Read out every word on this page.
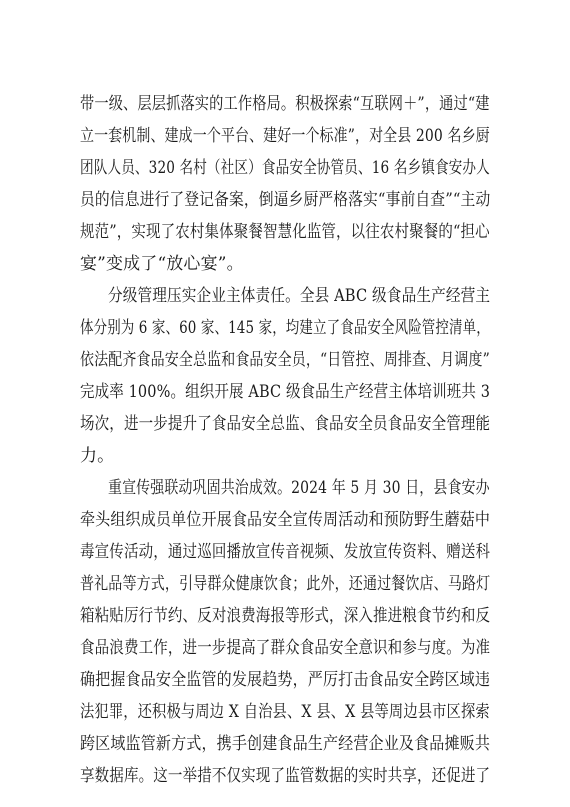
带一级、层层抓落实的工作格局。积极探索“互联网＋”，通过“建
立一套机制、建成一个平台、建好一个标准”，对全县 200 名乡厨
团队人员、320 名村（社区）食品安全协管员、16 名乡镇食安办人
员的信息进行了登记备案，倒逼乡厨严格落实“事前自查”“主动
规范”，实现了农村集体聚餐智慧化监管，以往农村聚餐的“担心
宴”变成了“放心宴”。
分级管理压实企业主体责任。全县 ABC 级食品生产经营主
体分别为 6 家、60 家、145 家，均建立了食品安全风险管控清单，
依法配齐食品安全总监和食品安全员，“日管控、周排查、月调度”
完成率 100%。组织开展 ABC 级食品生产经营主体培训班共 3
场次，进一步提升了食品安全总监、食品安全员食品安全管理能
力。
重宣传强联动巩固共治成效。2024 年 5 月 30 日，县食安办
牵头组织成员单位开展食品安全宣传周活动和预防野生蘑菇中
毒宣传活动，通过巡回播放宣传音视频、发放宣传资料、赠送科
普礼品等方式，引导群众健康饮食；此外，还通过餐饮店、马路灯
箱粘贴厉行节约、反对浪费海报等形式，深入推进粮食节约和反
食品浪费工作，进一步提高了群众食品安全意识和参与度。为准
确把握食品安全监管的发展趋势，严厉打击食品安全跨区域违
法犯罪，还积极与周边 X 自治县、X 县、X 县等周边县市区探索
跨区域监管新方式，携手创建食品生产经营企业及食品摊贩共
享数据库。这一举措不仅实现了监管数据的实时共享，还促进了
